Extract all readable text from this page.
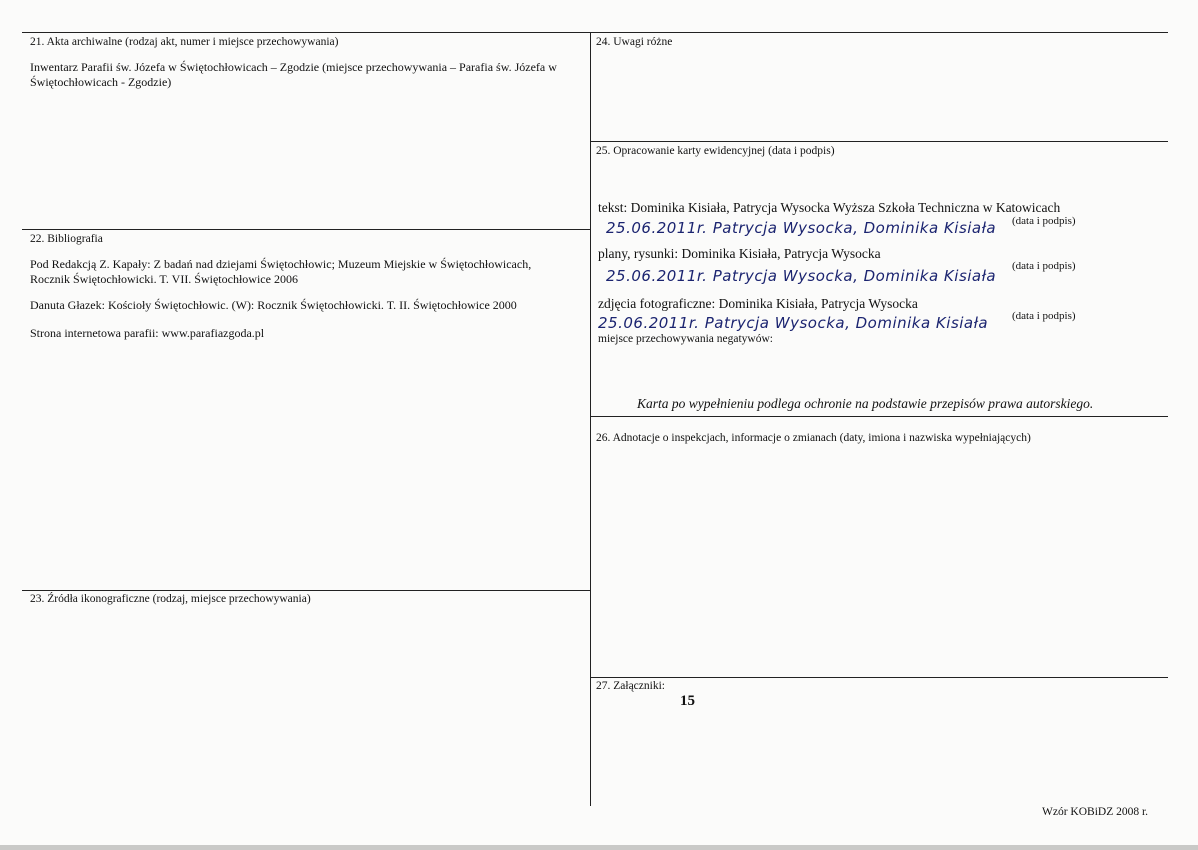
21. Akta archiwalne (rodzaj akt, numer i miejsce przechowywania)
Inwentarz Parafii św. Józefa w Świętochłowicach – Zgodzie (miejsce przechowywania – Parafia św. Józefa w Świętochłowicach - Zgodzie)
22. Bibliografia
Pod Redakcją Z. Kapały: Z badań nad dziejami Świętochłowic; Muzeum Miejskie w Świętochłowicach, Rocznik Świętochłowicki. T. VII. Świętochłowice 2006
Danuta Głazek: Kościoły Świętochłowic. (W): Rocznik Świętochłowicki. T. II. Świętochłowice 2000
Strona internetowa parafii: www.parafiazgoda.pl
23. Źródła ikonograficzne (rodzaj, miejsce przechowywania)
24. Uwagi różne
25. Opracowanie karty ewidencyjnej (data i podpis)
tekst: Dominika Kisiała, Patrycja Wysocka Wyższa Szkoła Techniczna w Katowicach
25.06.2011r. Patrycja Wysocka, Dominika Kisiała (data i podpis)
plany, rysunki: Dominika Kisiała, Patrycja Wysocka
25.06.2011r. Patrycja Wysocka, Dominika Kisiała
(data i podpis)
zdjęcia fotograficzne: Dominika Kisiała, Patrycja Wysocka
25.06.2011r. Patrycja Wysocka, Dominika Kisiała (data i podpis)
miejsce przechowywania negatywów:
Karta po wypełnieniu podlega ochronie na podstawie przepisów prawa autorskiego.
26. Adnotacje o inspekcjach, informacje o zmianach (daty, imiona i nazwiska wypełniających)
27. Załączniki:
15
Wzór KOBiDZ 2008 r.
